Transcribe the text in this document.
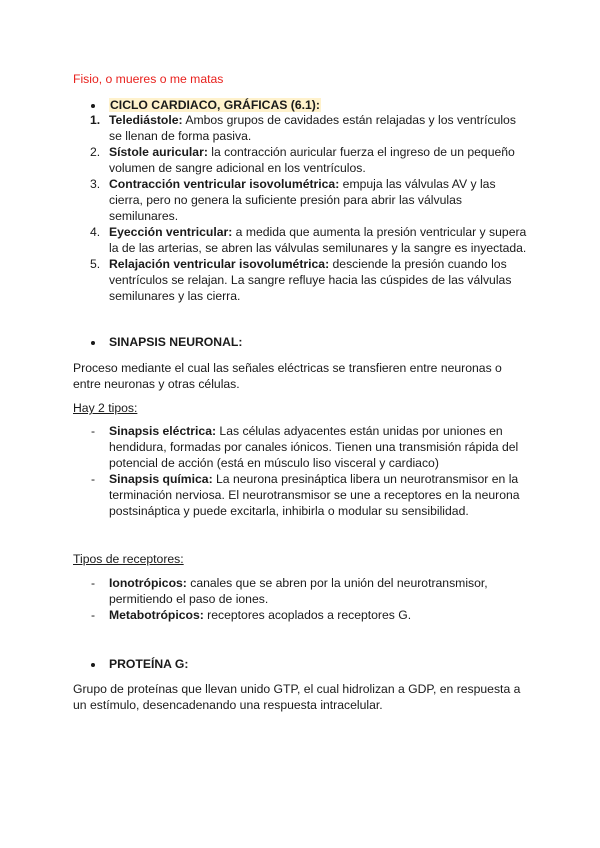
Fisio, o mueres o me matas
CICLO CARDIACO, GRÁFICAS (6.1):
1. Telediástole: Ambos grupos de cavidades están relajadas y los ventrículos
se llenan de forma pasiva.
2. Sístole auricular: la contracción auricular fuerza el ingreso de un pequeño
volumen de sangre adicional en los ventrículos.
3. Contracción ventricular isovolumétrica: empuja las válvulas AV y las
cierra, pero no genera la suficiente presión para abrir las válvulas
semilunares.
4. Eyección ventricular: a medida que aumenta la presión ventricular y supera
la de las arterias, se abren las válvulas semilunares y la sangre es inyectada.
5. Relajación ventricular isovolumétrica: desciende la presión cuando los
ventrículos se relajan. La sangre refluye hacia las cúspides de las válvulas
semilunares y las cierra.
SINAPSIS NEURONAL:
Proceso mediante el cual las señales eléctricas se transfieren entre neuronas o
entre neuronas y otras células.
Hay 2 tipos:
- Sinapsis eléctrica: Las células adyacentes están unidas por uniones en
hendidura, formadas por canales iónicos. Tienen una transmisión rápida del
potencial de acción (está en músculo liso visceral y cardiaco)
- Sinapsis química: La neurona presináptica libera un neurotransmisor en la
terminación nerviosa. El neurotransmisor se une a receptores en la neurona
postsináptica y puede excitarla, inhibirla o modular su sensibilidad.
Tipos de receptores:
- Ionotrópicos: canales que se abren por la unión del neurotransmisor,
permitiendo el paso de iones.
- Metabotrópicos: receptores acoplados a receptores G.
PROTEÍNA G:
Grupo de proteínas que llevan unido GTP, el cual hidrolizan a GDP, en respuesta a
un estímulo, desencadenando una respuesta intracelular.
